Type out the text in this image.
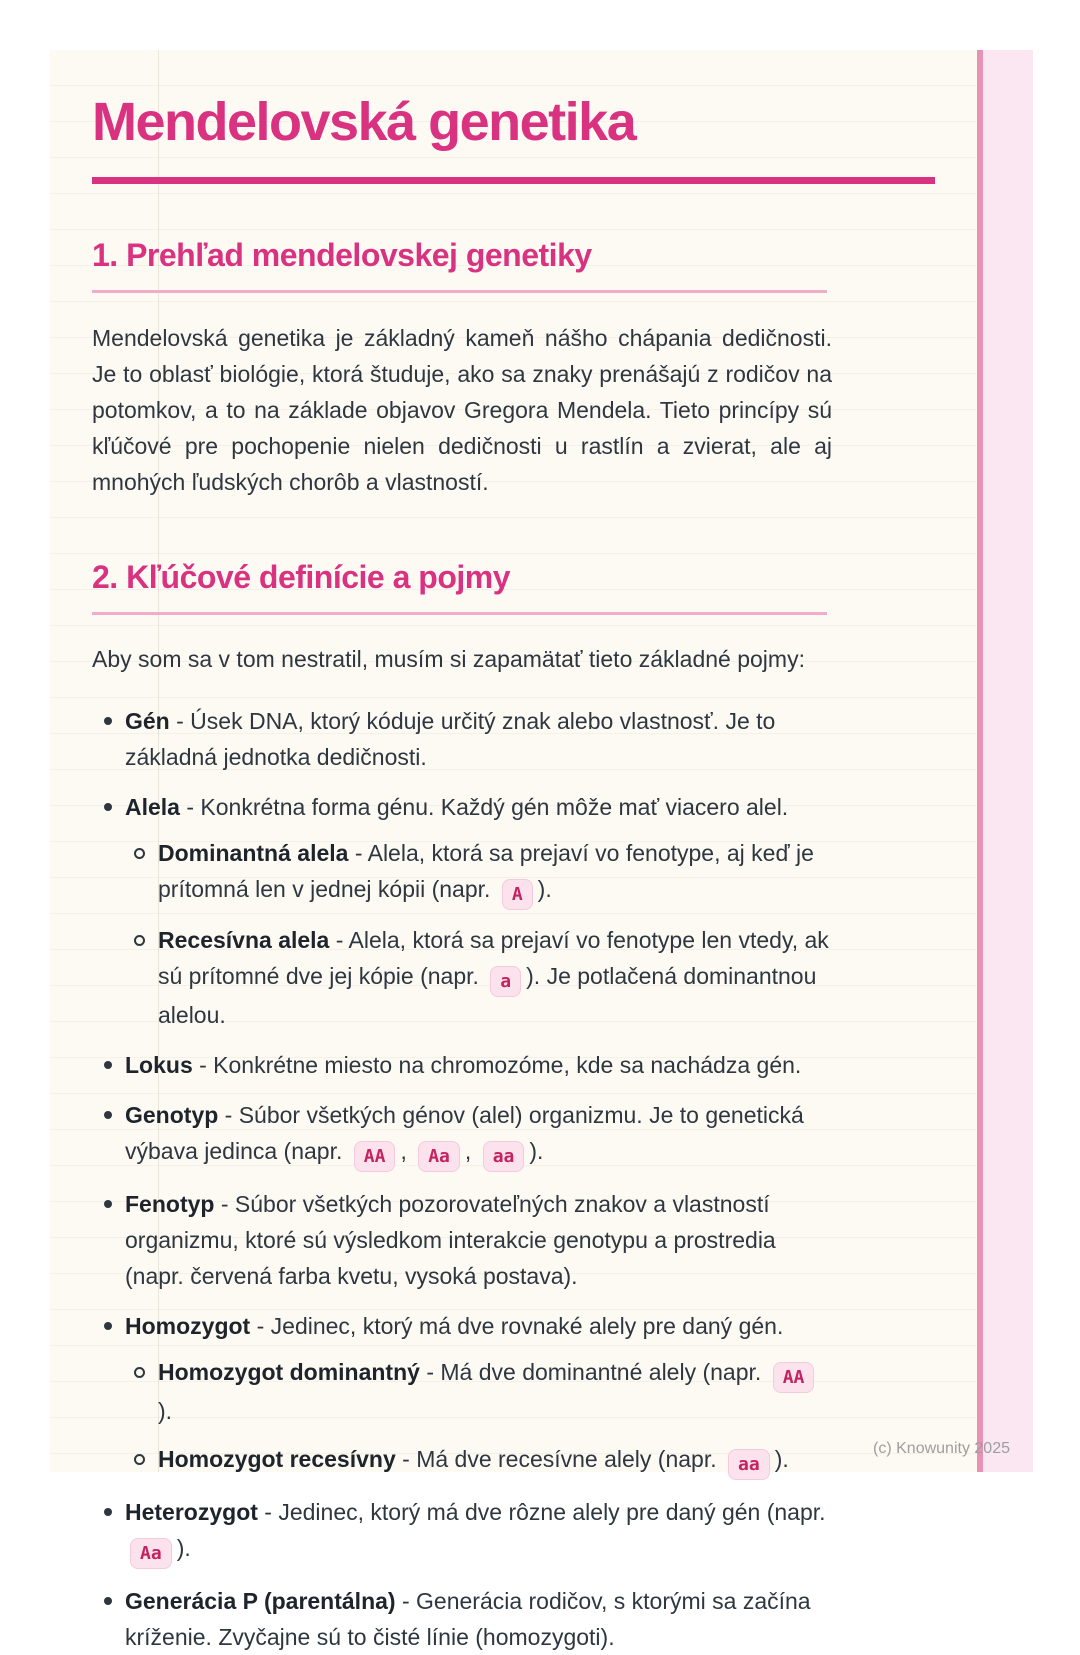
Mendelovská genetika
1. Prehľad mendelovskej genetiky

Mendelovská genetika je základný kameň nášho chápania dedičnosti. Je to oblasť biológie, ktorá študuje, ako sa znaky prenášajú z rodičov na potomkov, a to na základe objavov Gregora Mendela. Tieto princípy sú kľúčové pre pochopenie nielen dedičnosti u rastlín a zvierat, ale aj mnohých ľudských chorôb a vlastností.

2. Kľúčové definície a pojmy

Aby som sa v tom nestratil, musím si zapamätať tieto základné pojmy:

Gén - Úsek DNA, ktorý kóduje určitý znak alebo vlastnosť. Je to základná jednotka dedičnosti.
Alela - Konkrétna forma génu. Každý gén môže mať viacero alel.
Dominantná alela - Alela, ktorá sa prejaví vo fenotype, aj keď je prítomná len v jednej kópii (napr. A ).
Recesívna alela - Alela, ktorá sa prejaví vo fenotype len vtedy, ak sú prítomné dve jej kópie (napr. a ). Je potlačená dominantnou alelou.
Lokus - Konkrétne miesto na chromozóme, kde sa nachádza gén.
Genotyp - Súbor všetkých génov (alel) organizmu. Je to genetická výbava jedinca (napr. AA , Aa , aa ).
Fenotyp - Súbor všetkých pozorovateľných znakov a vlastností organizmu, ktoré sú výsledkom interakcie genotypu a prostredia (napr. červená farba kvetu, vysoká postava).
Homozygot - Jedinec, ktorý má dve rovnaké alely pre daný gén.
Homozygot dominantný - Má dve dominantné alely (napr. AA).
Homozygot recesívny - Má dve recesívne alely (napr. aa ).
Heterozygot - Jedinec, ktorý má dve rôzne alely pre daný gén (napr. Aa ).
Generácia P (parentálna) - Generácia rodičov, s ktorými sa začína kríženie. Zvyčajne sú to čisté línie (homozygoti).
(c) Knowunity 2025
